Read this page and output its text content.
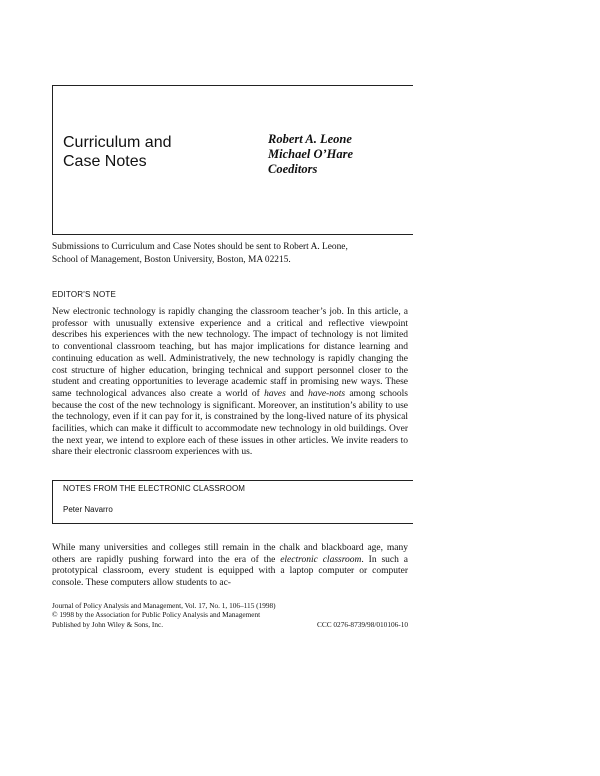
Curriculum and
Case Notes
Robert A. Leone
Michael O’Hare
Coeditors
Submissions to Curriculum and Case Notes should be sent to Robert A. Leone,
School of Management, Boston University, Boston, MA 02215.
EDITOR'S NOTE

New electronic technology is rapidly changing the classroom teacher’s job. In this article, a professor with unusually extensive experience and a critical and reflective viewpoint describes his experiences with the new technology. The impact of technology is not limited to conventional classroom teaching, but has major implications for distance learning and continuing education as well. Administratively, the new technology is rapidly changing the cost structure of higher education, bringing technical and support personnel closer to the student and creating opportunities to leverage academic staff in promising new ways. These same technological advances also create a world of haves and have-nots among schools because the cost of the new technology is significant. Moreover, an institution’s ability to use the technology, even if it can pay for it, is constrained by the long-lived nature of its physical facilities, which can make it difficult to accommodate new technology in old buildings. Over the next year, we intend to explore each of these issues in other articles. We invite readers to share their electronic classroom experiences with us.

NOTES FROM THE ELECTRONIC CLASSROOM
Peter Navarro

While many universities and colleges still remain in the chalk and blackboard age, many others are rapidly pushing forward into the era of the electronic classroom. In such a prototypical classroom, every student is equipped with a laptop computer or computer console. These computers allow students to ac-

Journal of Policy Analysis and Management, Vol. 17, No. 1, 106–115 (1998)
© 1998 by the Association for Public Policy Analysis and Management
Published by John Wiley & Sons, Inc.	CCC 0276-8739/98/010106-10
